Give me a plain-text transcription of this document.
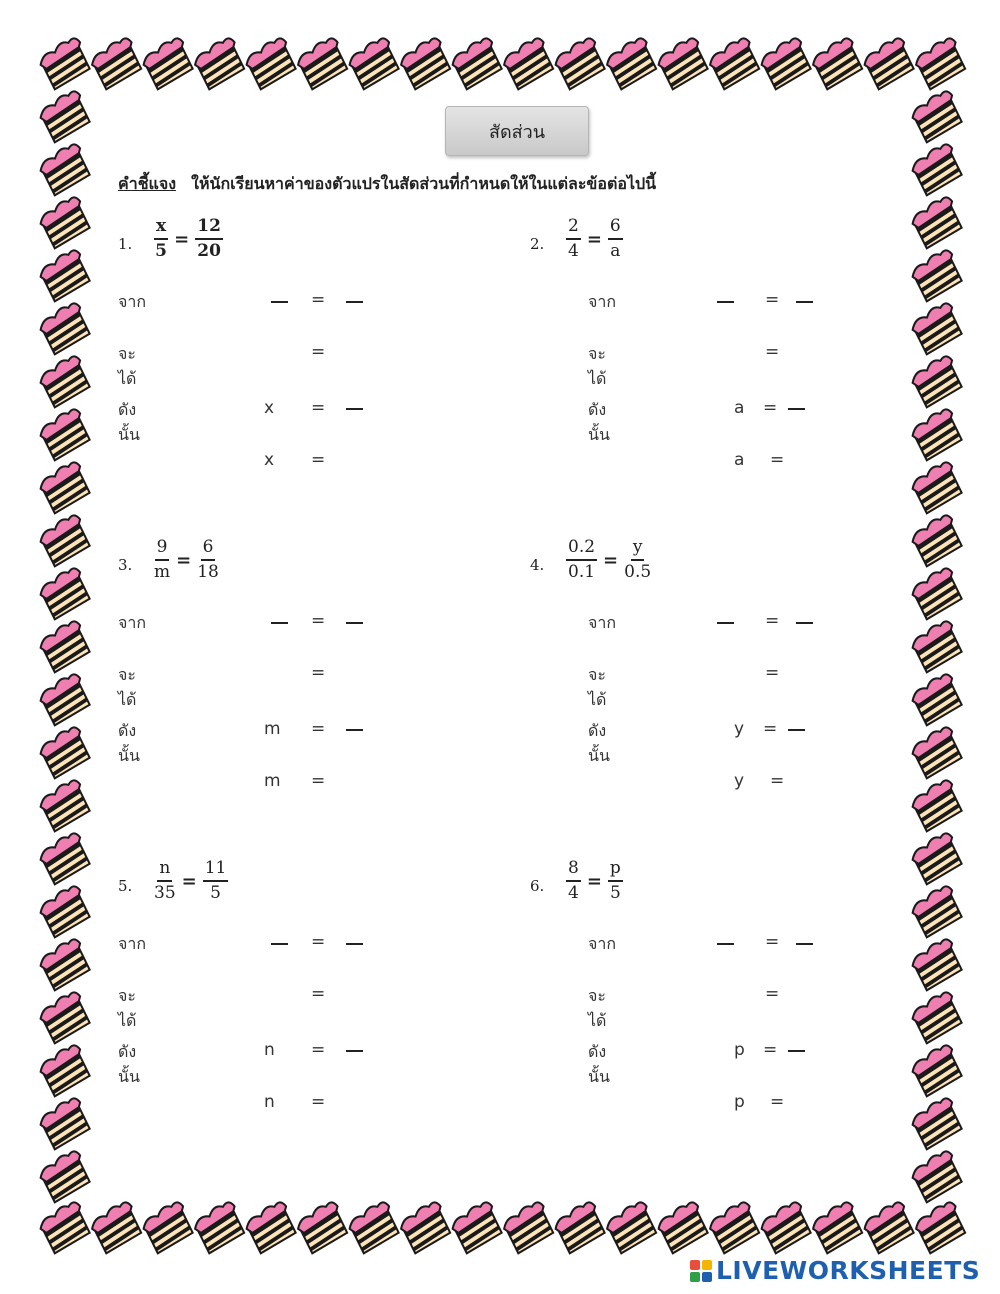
สัดส่วน
คำชี้แจง ให้นักเรียนหาค่าของตัวแปรในสัดส่วนที่กำหนดให้ในแต่ละข้อต่อไปนี้
1. $\frac{x}{5} = \frac{12}{20}$
จาก	=
จะได้
=
ดังนั้น
x =
x =
2. $\frac{2}{4} = \frac{6}{a}$
จาก	=
จะได้
=
ดังนั้น
a =
a =
3. $\frac{9}{m} = \frac{6}{18}$
จาก	=
จะได้
=
ดังนั้น
m =
m =
4. $\frac{0.2}{0.1} = \frac{y}{0.5}$
จาก	=
จะได้
=
ดังนั้น
y =
y =
5. $\frac{n}{35} = \frac{11}{5}$
จาก	=
จะได้
=
ดังนั้น
n =
n =
6. $\frac{8}{4} = \frac{p}{5}$
จาก	=
จะได้
=
ดังนั้น
p =
p =
LIVEWORKSHEETS
